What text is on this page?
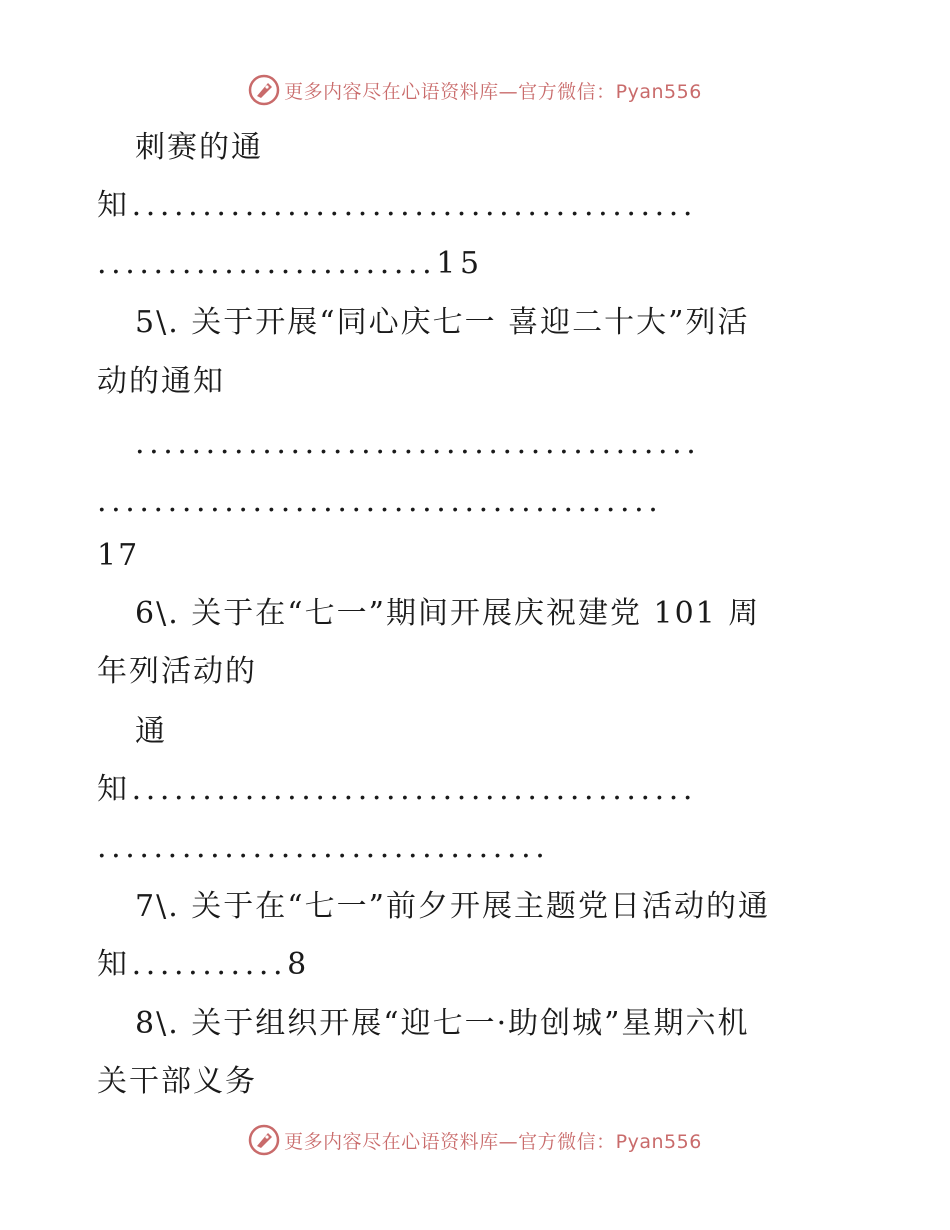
更多内容尽在心语资料库—官方微信：Pyan556
刺赛的通
知........................................
........................15
5\. 关于开展“同心庆七一 喜迎二十大”列活
动的通知
........................................
........................................
17
6\. 关于在“七一”期间开展庆祝建党 101 周
年列活动的
通
知........................................
................................
7\. 关于在“七一”前夕开展主题党日活动的通
知...........8
8\. 关于组织开展“迎七一·助创城”星期六机
关干部义务
更多内容尽在心语资料库—官方微信：Pyan556
